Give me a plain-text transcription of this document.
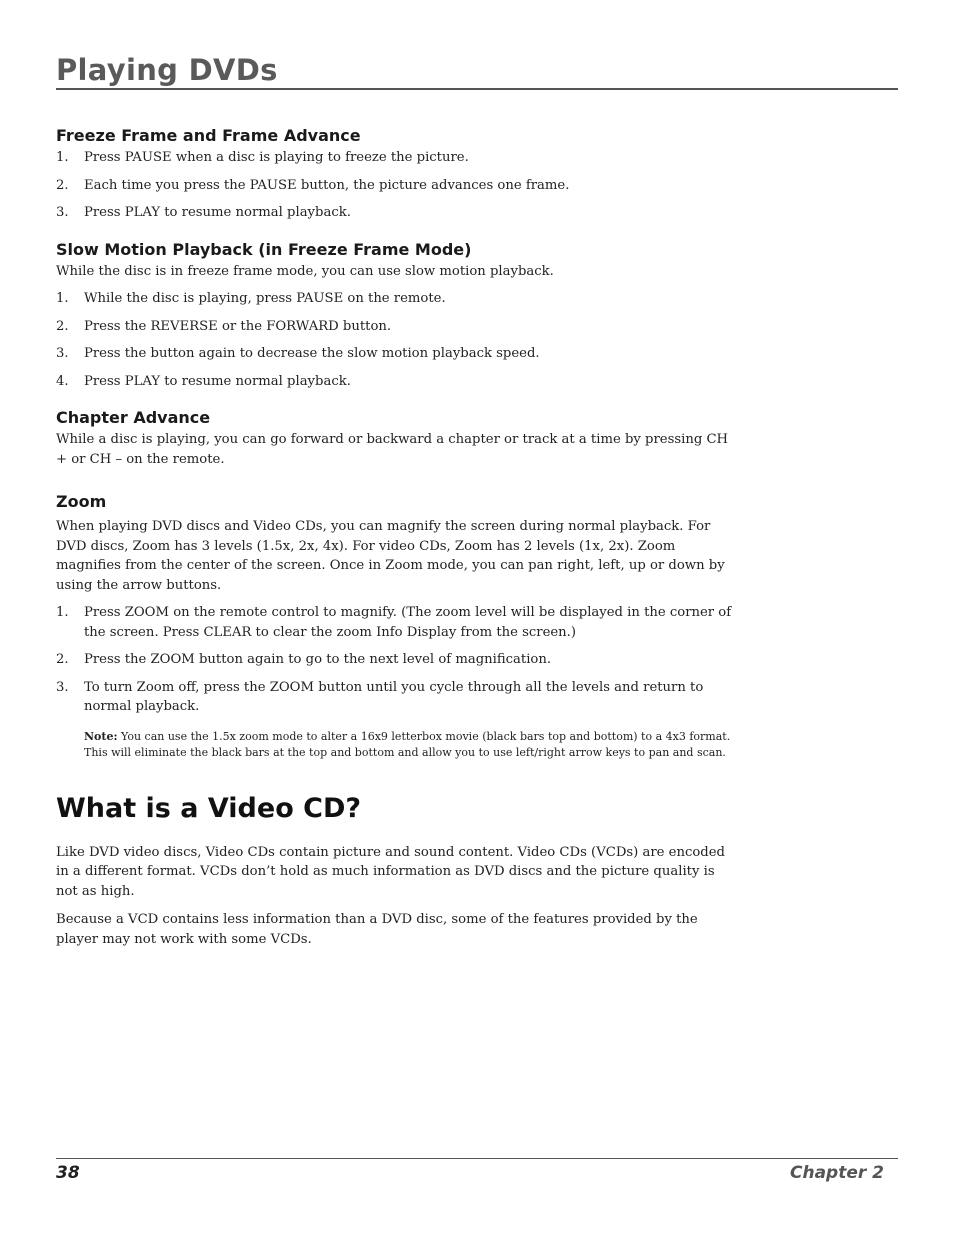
Playing DVDs
Freeze Frame and Frame Advance
1.	Press PAUSE when a disc is playing to freeze the picture.
2.	Each time you press the PAUSE button, the picture advances one frame.
3.	Press PLAY to resume normal playback.
Slow Motion Playback (in Freeze Frame Mode)

While the disc is in freeze frame mode, you can use slow motion playback.

1.	While the disc is playing, press PAUSE on the remote.
2.	Press the REVERSE or the FORWARD button.
3.	Press the button again to decrease the slow motion playback speed.
4.	Press PLAY to resume normal playback.
Chapter Advance

While a disc is playing, you can go forward or backward a chapter or track at a time by pressing CH + or CH – on the remote.

Zoom

When playing DVD discs and Video CDs, you can magnify the screen during normal playback. For DVD discs, Zoom has 3 levels (1.5x, 2x, 4x). For video CDs, Zoom has 2 levels (1x, 2x). Zoom magnifies from the center of the screen. Once in Zoom mode, you can pan right, left, up or down by using the arrow buttons.

1.	Press ZOOM on the remote control to magnify. (The zoom level will be displayed in the corner of the screen. Press CLEAR to clear the zoom Info Display from the screen.)
2.	Press the ZOOM button again to go to the next level of magnification.
3.	To turn Zoom off, press the ZOOM button until you cycle through all the levels and return to normal playback.
Note: You can use the 1.5x zoom mode to alter a 16x9 letterbox movie (black bars top and bottom) to a 4x3 format. This will eliminate the black bars at the top and bottom and allow you to use left/right arrow keys to pan and scan.
What is a Video CD?

Like DVD video discs, Video CDs contain picture and sound content. Video CDs (VCDs) are encoded in a different format. VCDs don’t hold as much information as DVD discs and the picture quality is not as high.

Because a VCD contains less information than a DVD disc, some of the features provided by the player may not work with some VCDs.

38	Chapter 2
